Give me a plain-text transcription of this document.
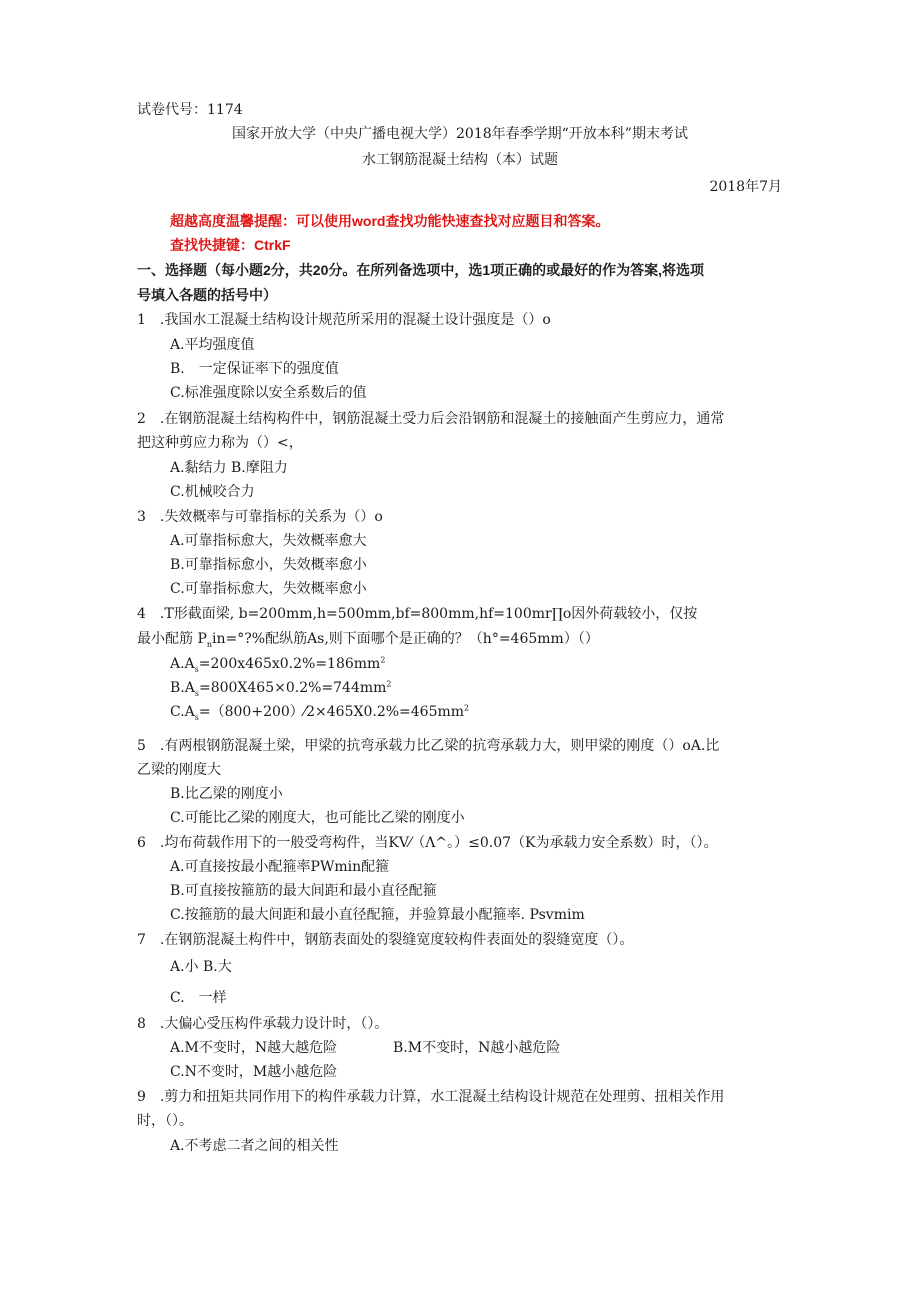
试卷代号：1174
国家开放大学（中央广播电视大学）2018年春季学期“开放本科”期末考试
水工钢筋混凝土结构（本）试题
2018年7月
超越高度温馨提醒：可以使用word查找功能快速查找对应题目和答案。
查找快捷键：CtrkF
一、选择题（每小题2分，共20分。在所列备选项中，选1项正确的或最好的作为答案,将选项
号填入各题的括号中）
1　.我国水工混凝土结构设计规范所采用的混凝土设计强度是（）o
A.平均强度值
B.　一定保证率下的强度值
C.标准强度除以安全系数后的值
2　.在钢筋混凝土结构构件中，钢筋混凝土受力后会沿钢筋和混凝土的接触面产生剪应力，通常
把这种剪应力称为（）<，
A.黏结力 B.摩阻力
C.机械咬合力
3　.失效概率与可靠指标的关系为（）o
A.可靠指标愈大，失效概率愈大
B.可靠指标愈小，失效概率愈小
C.可靠指标愈大，失效概率愈小
4　.T形截面梁, b=200mm,h=500mm,bf=800mm,hf=100mr∏o因外荷载较小，仅按
最小配筋 $P_nin=^\circ?\%$配纵筋As,则下面哪个是正确的？（h°=465mm）（）
$A.A_s=200x465x0.2\%=186mm^2$
$B.A_s=800X465\times 0.2\%=744mm^2$
$C.A_s=(800+200)⁄2\times 465X0.2\%=465mm^2$
5　.有两根钢筋混凝土梁，甲梁的抗弯承载力比乙梁的抗弯承载力大，则甲梁的刚度（）oA.比
乙梁的刚度大
B.比乙梁的刚度小
C.可能比乙梁的刚度大，也可能比乙梁的刚度小
6　.均布荷载作用下的一般受弯构件，当KV⁄（Λ^。）≤0.07（K为承载力安全系数）时，（）。
A.可直接按最小配箍率PWmin配箍
B.可直接按箍筋的最大间距和最小直径配箍
C.按箍筋的最大间距和最小直径配箍，并验算最小配箍率. Psvmim
7　.在钢筋混凝土构件中，钢筋表面处的裂缝宽度较构件表面处的裂缝宽度（）。
A.小 B.大
C.　一样
8　.大偏心受压构件承载力设计时，（）。
A.M不变时，N越大越危险	B.M不变时，N越小越危险
C.N不变时，M越小越危险
9　.剪力和扭矩共同作用下的构件承载力计算，水工混凝土结构设计规范在处理剪、扭相关作用
时，（）。
A.不考虑二者之间的相关性
